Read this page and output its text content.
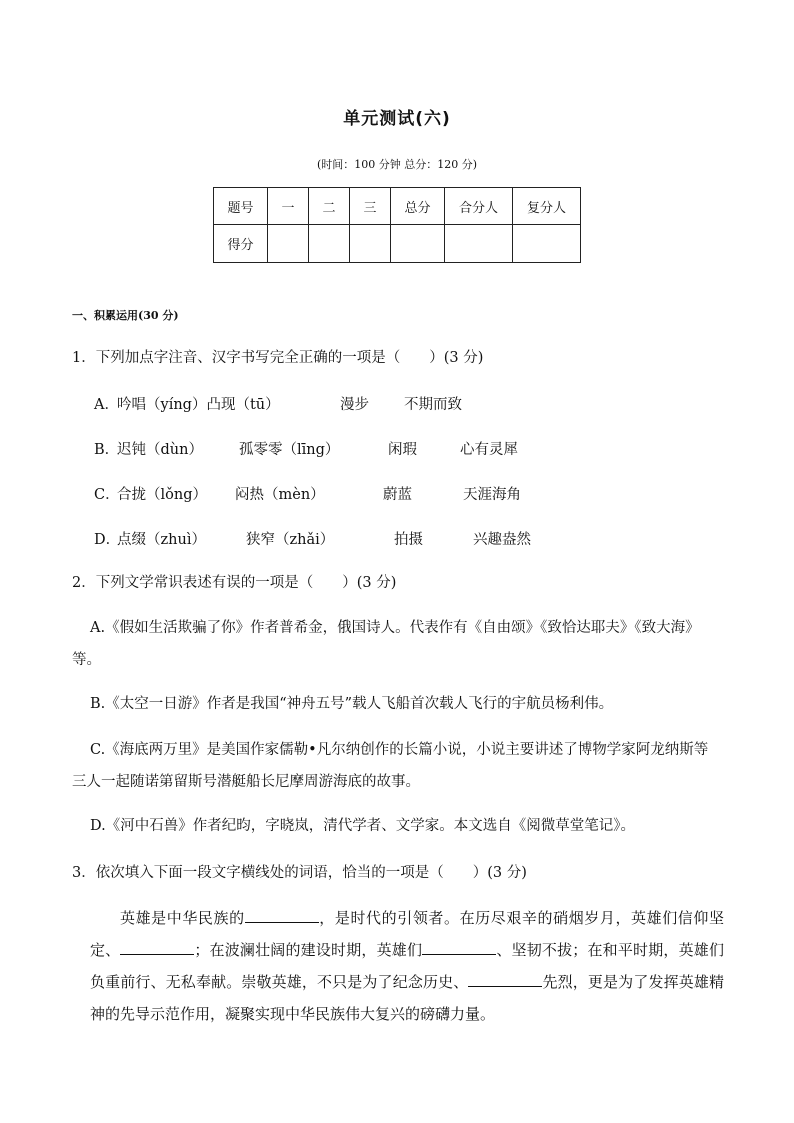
单元测试(六)
(时间：100 分钟 总分：120 分)
题号	一	二	三	总分	合分人	复分人
得分						
一、积累运用(30 分)
1．下列加点字注音、汉字书写完全正确的一项是（　　）(3 分)
A．
吟唱（yíng）凸现（tū）	漫步 不期而致
B．
迟钝（dùn） 孤零零（līng）	闲瑕	心有灵犀
C．
合拢（lǒng） 闷热（mèn）	蔚蓝	天涯海角
D．
点缀（zhuì）	狭窄（zhǎi）	拍摄	兴趣盎然
2．下列文学常识表述有误的一项是（　　）(3 分)

A.《假如生活欺骗了你》作者普希金，俄国诗人。代表作有《自由颂》《致恰达耶夫》《致大海》等。

B.《太空一日游》作者是我国“神舟五号”载人飞船首次载人飞行的宇航员杨利伟。

C.《海底两万里》是美国作家儒勒•凡尔纳创作的长篇小说，小说主要讲述了博物学家阿龙纳斯等三人一起随诺第留斯号潜艇船长尼摩周游海底的故事。

D.《河中石兽》作者纪昀，字晓岚，清代学者、文学家。本文选自《阅微草堂笔记》。

3．依次填入下面一段文字横线处的词语，恰当的一项是（　　）(3 分)

英雄是中华民族的	，是时代的引领者。在历尽艰辛的硝烟岁月，英雄们信仰坚定、	；在波澜壮阔的建设时期，英雄们	、坚韧不拔；在和平时期，英雄们负重前行、无私奉献。崇敬英雄，不只是为了纪念历史、	先烈，更是为了发挥英雄精神的先导示范作用，凝聚实现中华民族伟大复兴的磅礴力量。
